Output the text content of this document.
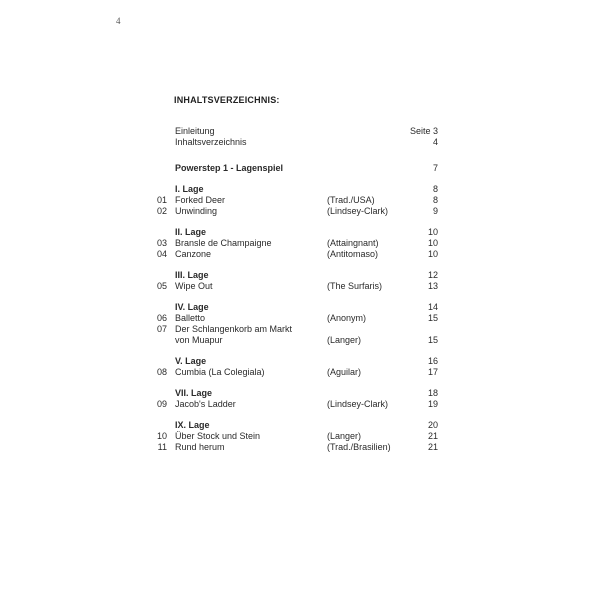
4
INHALTSVERZEICHNIS:
Einleitung	Seite 3
Inhaltsverzeichnis	4
Powerstep 1 - Lagenspiel	7
I. Lage	8
01 Forked Deer	(Trad./USA)	8
02 Unwinding	(Lindsey-Clark)	9
II. Lage	10
03 Bransle de Champaigne	(Attaingnant)	10
04 Canzone	(Antitomaso)	10
III. Lage	12
05 Wipe Out	(The Surfaris)	13
IV. Lage	14
06 Balletto	(Anonym)	15
07 Der Schlangenkorb am Markt
von Muapur	(Langer)	15
V. Lage	16
08 Cumbia (La Colegiala)	(Aguilar)	17
VII. Lage	18
09 Jacob's Ladder	(Lindsey-Clark)	19
IX. Lage	20
10 Über Stock und Stein	(Langer)	21
11 Rund herum	(Trad./Brasilien)	21
